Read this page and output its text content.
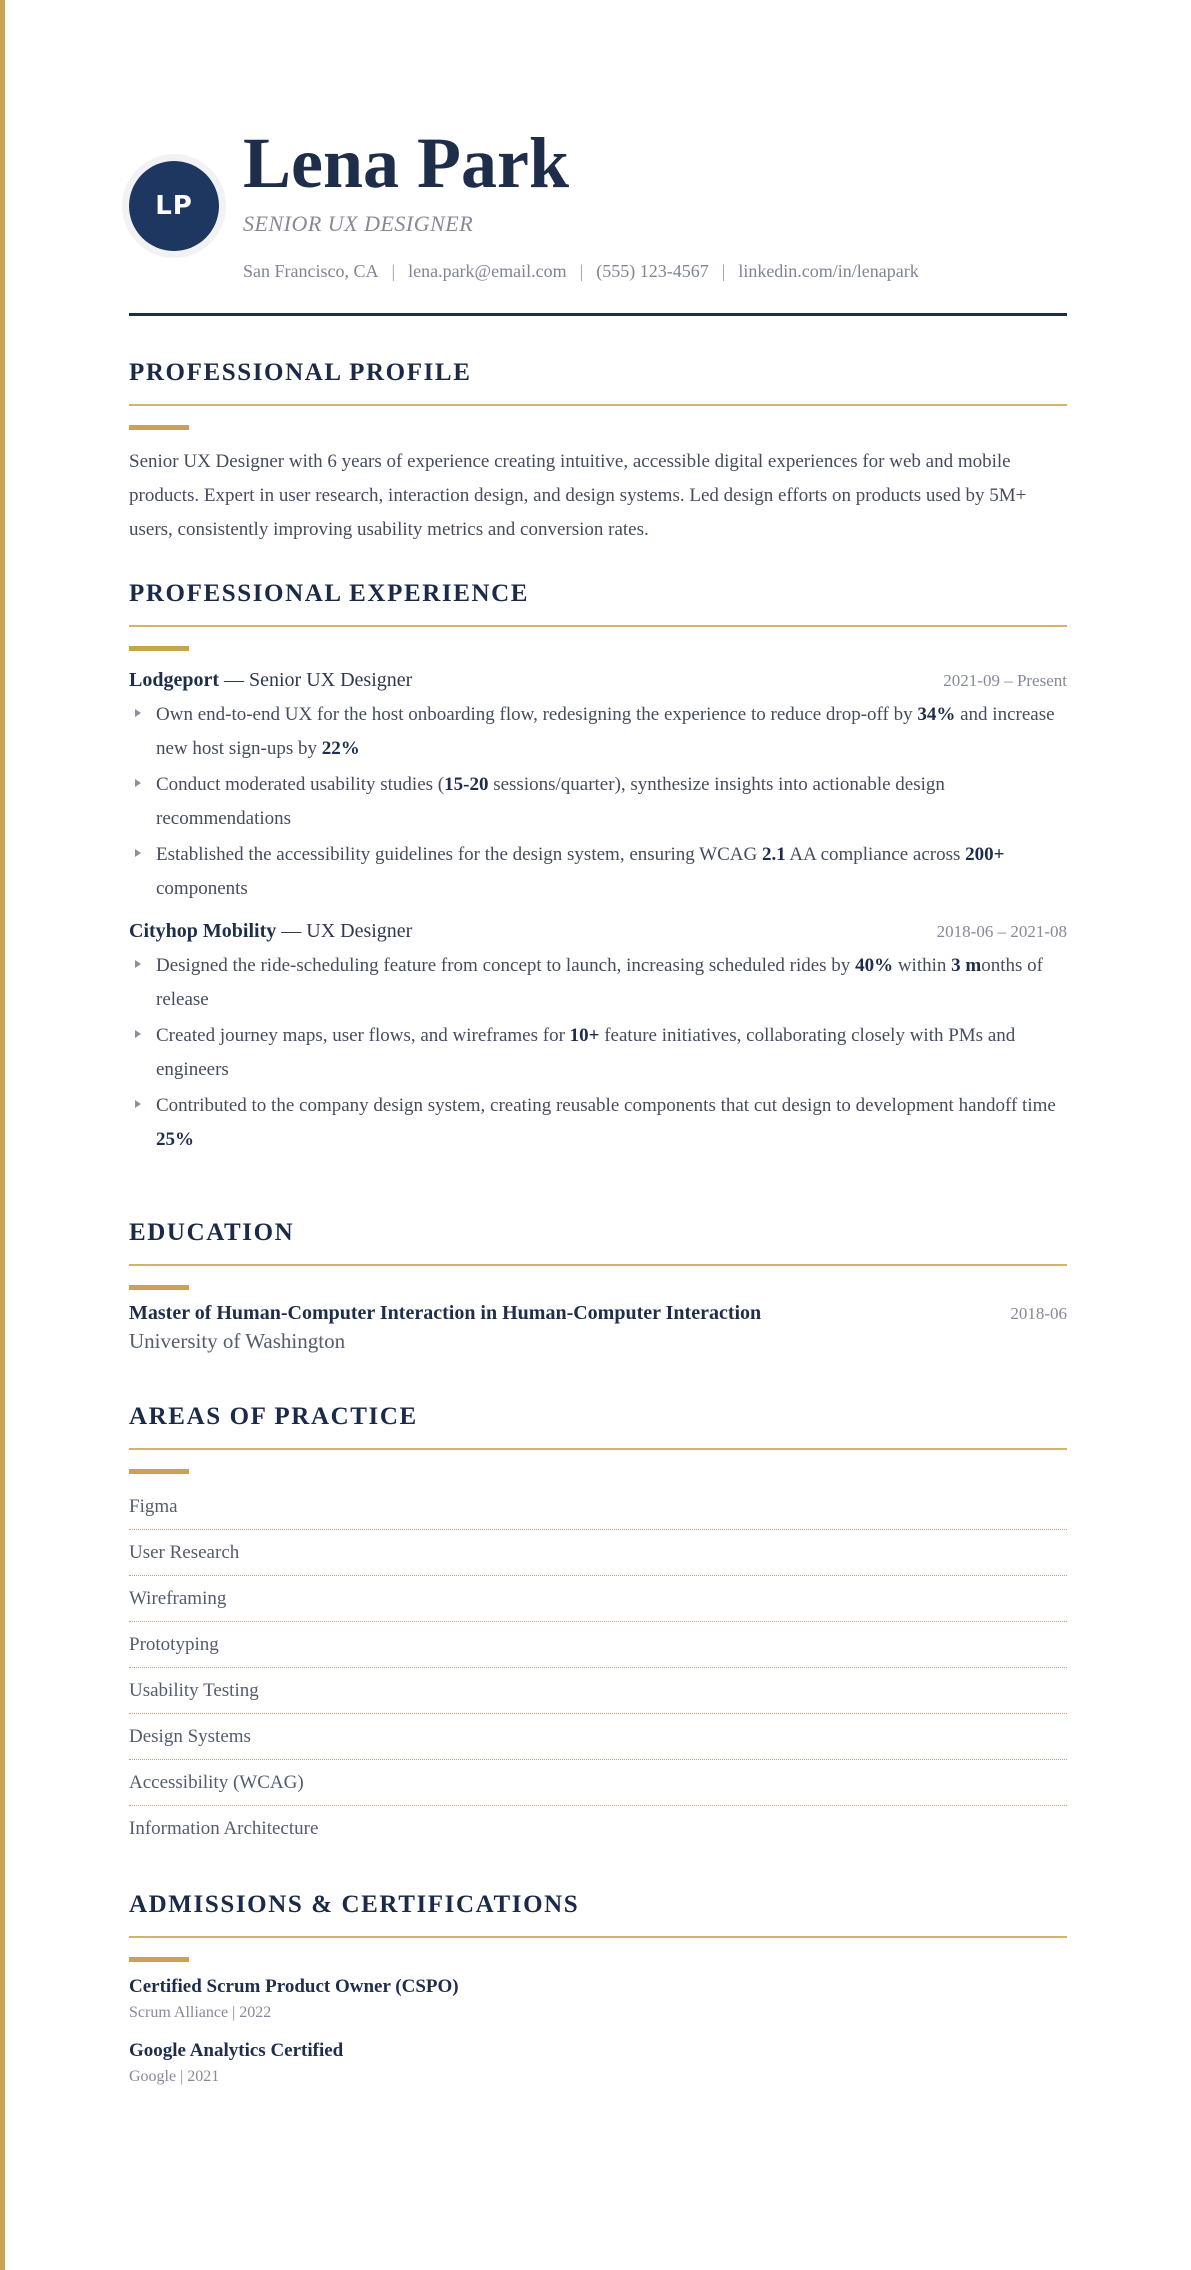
LP
Lena Park
SENIOR UX DESIGNER
San Francisco, CA | lena.park@email.com | (555) 123-4567 | linkedin.com/in/lenapark
PROFESSIONAL PROFILE
Senior UX Designer with 6 years of experience creating intuitive, accessible digital experiences for web and mobile products. Expert in user research, interaction design, and design systems. Led design efforts on products used by 5M+ users, consistently improving usability metrics and conversion rates.
PROFESSIONAL EXPERIENCE
Lodgeport — Senior UX Designer	2021-09 – Present
Own end-to-end UX for the host onboarding flow, redesigning the experience to reduce drop-off by 34% and increase new host sign-ups by 22%
Conduct moderated usability studies (15-20 sessions/quarter), synthesize insights into actionable design recommendations
Established the accessibility guidelines for the design system, ensuring WCAG 2.1 AA compliance across 200+ components
Cityhop Mobility — UX Designer	2018-06 – 2021-08
Designed the ride-scheduling feature from concept to launch, increasing scheduled rides by 40% within 3 months of release
Created journey maps, user flows, and wireframes for 10+ feature initiatives, collaborating closely with PMs and engineers
Contributed to the company design system, creating reusable components that cut design to development handoff time 25%
EDUCATION
Master of Human-Computer Interaction in Human-Computer Interaction	2018-06
University of Washington
AREAS OF PRACTICE
Figma
User Research
Wireframing
Prototyping
Usability Testing
Design Systems
Accessibility (WCAG)
Information Architecture
ADMISSIONS & CERTIFICATIONS
Certified Scrum Product Owner (CSPO)
Scrum Alliance | 2022
Google Analytics Certified
Google | 2021
